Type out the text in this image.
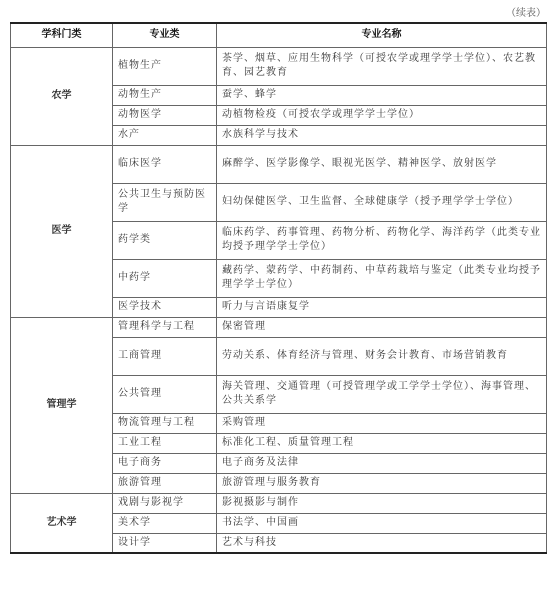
（续表）
学科门类	专业类	专业名称
农学	植物生产	茶学、烟草、应用生物科学（可授农学或理学学士学位）、农艺教育、园艺教育
	动物生产	蚕学、蜂学
	动物医学	动植物检疫（可授农学或理学学士学位）
	水产	水族科学与技术
医学	临床医学	麻醉学、医学影像学、眼视光医学、精神医学、放射医学
	公共卫生与预防医学	妇幼保健医学、卫生监督、全球健康学（授予理学学士学位）
	药学类	临床药学、药事管理、药物分析、药物化学、海洋药学（此类专业均授予理学学士学位）
	中药学	藏药学、蒙药学、中药制药、中草药栽培与鉴定（此类专业均授予理学学士学位）
	医学技术	听力与言语康复学
管理学	管理科学与工程	保密管理
	工商管理	劳动关系、体育经济与管理、财务会计教育、市场营销教育
	公共管理	海关管理、交通管理（可授管理学或工学学士学位）、海事管理、公共关系学
	物流管理与工程	采购管理
	工业工程	标准化工程、质量管理工程
	电子商务	电子商务及法律
	旅游管理	旅游管理与服务教育
艺术学	戏剧与影视学	影视摄影与制作
	美术学	书法学、中国画
	设计学	艺术与科技
